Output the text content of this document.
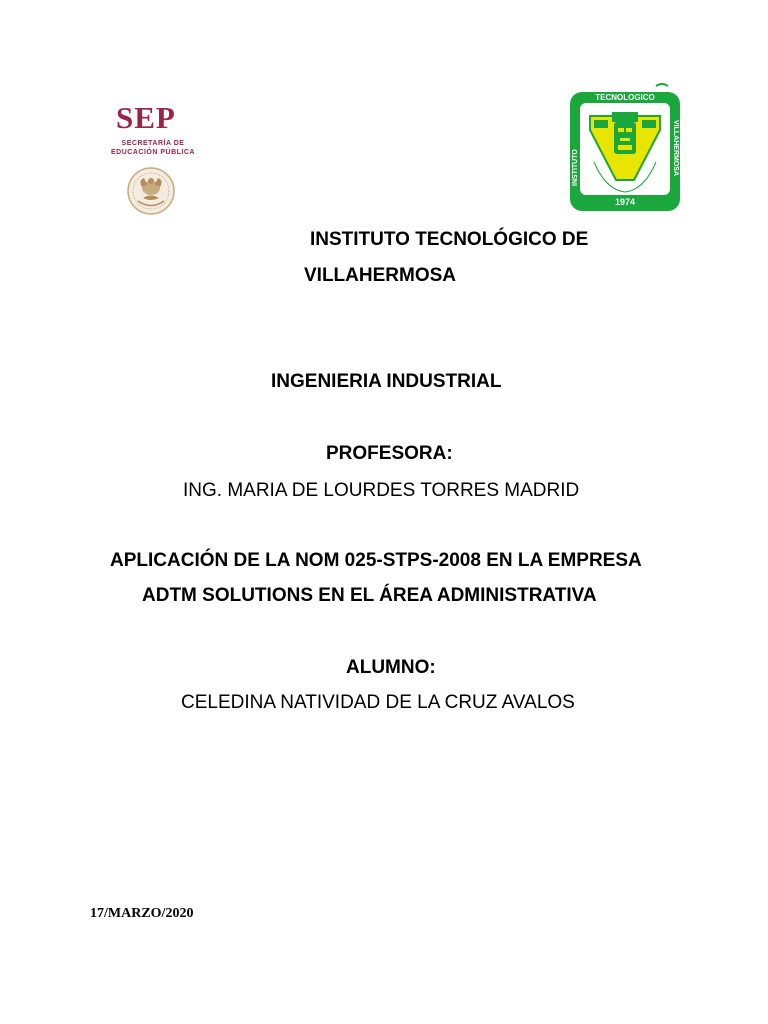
SEP
SECRETARÍA DE
EDUCACIÓN PÚBLICA
TECNOLOGICO
INSTITUTO	VILLAHERMOSA
1974
INSTITUTO TECNOLÓGICO DE
VILLAHERMOSA
INGENIERIA INDUSTRIAL
PROFESORA:
ING. MARIA DE LOURDES TORRES MADRID
APLICACIÓN DE LA NOM 025-STPS-2008 EN LA EMPRESA
ADTM SOLUTIONS EN EL ÁREA ADMINISTRATIVA
ALUMNO:
CELEDINA NATIVIDAD DE LA CRUZ AVALOS
17/MARZO/2020
